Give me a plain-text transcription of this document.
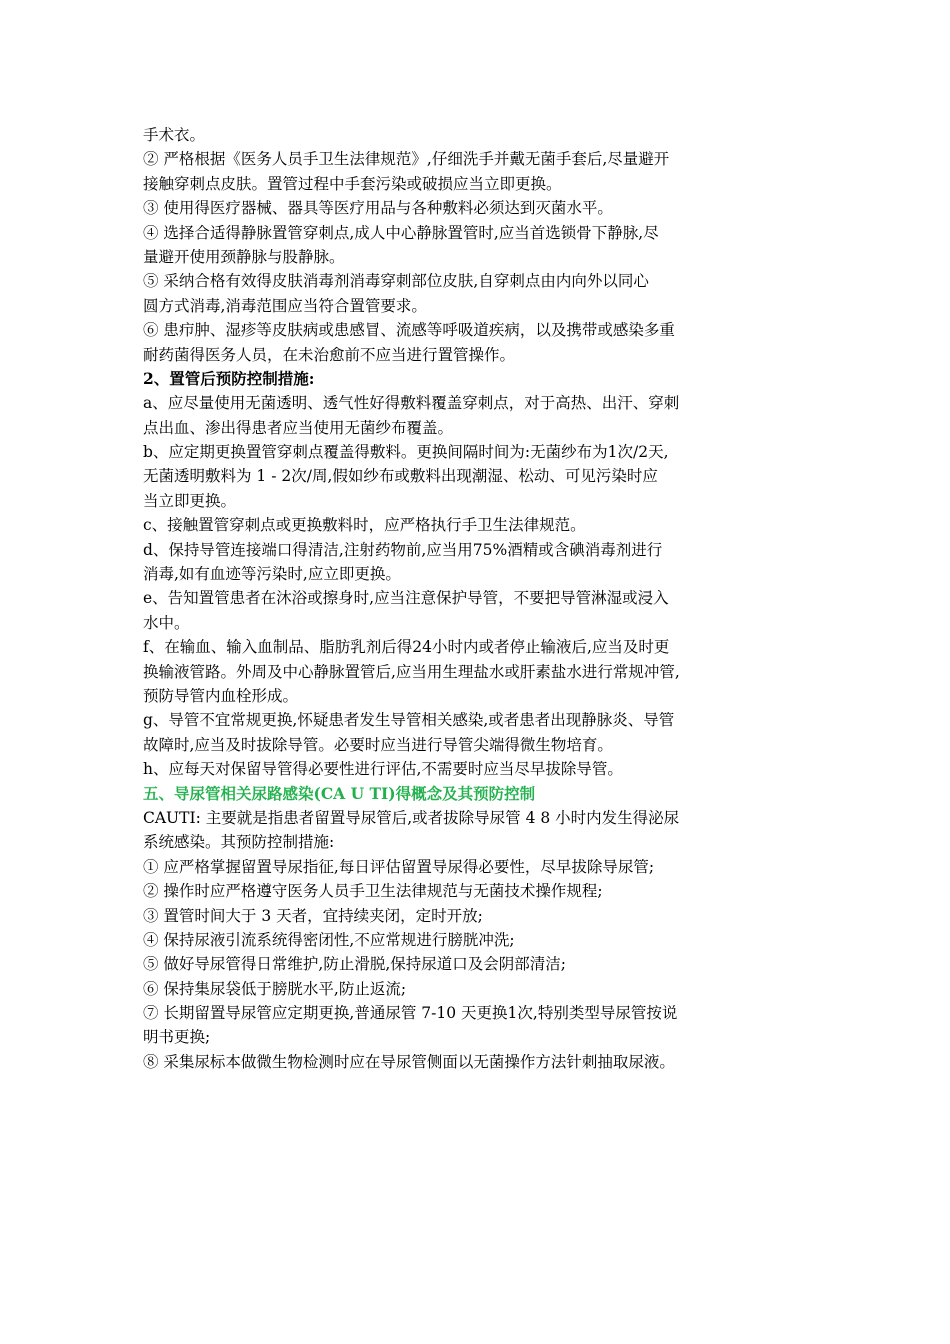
手术衣。
② 严格根据《医务人员手卫生法律规范》,仔细洗手并戴无菌手套后,尽量避开
接触穿刺点皮肤。置管过程中手套污染或破损应当立即更换。
③ 使用得医疗器械、器具等医疗用品与各种敷料必须达到灭菌水平。
④ 选择合适得静脉置管穿刺点,成人中心静脉置管时,应当首选锁骨下静脉,尽
量避开使用颈静脉与股静脉。
⑤ 采纳合格有效得皮肤消毒剂消毒穿刺部位皮肤,自穿刺点由内向外以同心
圆方式消毒,消毒范围应当符合置管要求。
⑥ 患疖肿、湿疹等皮肤病或患感冒、流感等呼吸道疾病，以及携带或感染多重
耐药菌得医务人员，在未治愈前不应当进行置管操作。
2、置管后预防控制措施:
a、应尽量使用无菌透明、透气性好得敷料覆盖穿刺点，对于高热、出汗、穿刺
点出血、渗出得患者应当使用无菌纱布覆盖。
b、应定期更换置管穿刺点覆盖得敷料。更换间隔时间为:无菌纱布为1次/2天,
无菌透明敷料为 1 - 2次/周,假如纱布或敷料出现潮湿、松动、可见污染时应
当立即更换。
c、接触置管穿刺点或更换敷料时，应严格执行手卫生法律规范。
d、保持导管连接端口得清洁,注射药物前,应当用75%酒精或含碘消毒剂进行
消毒,如有血迹等污染时,应立即更换。
e、告知置管患者在沐浴或擦身时,应当注意保护导管，不要把导管淋湿或浸入
水中。
f、在输血、输入血制品、脂肪乳剂后得24小时内或者停止输液后,应当及时更
换输液管路。外周及中心静脉置管后,应当用生理盐水或肝素盐水进行常规冲管,
预防导管内血栓形成。
g、导管不宜常规更换,怀疑患者发生导管相关感染,或者患者出现静脉炎、导管
故障时,应当及时拔除导管。必要时应当进行导管尖端得微生物培育。
h、应每天对保留导管得必要性进行评估,不需要时应当尽早拔除导管。
五、导尿管相关尿路感染(CA U TI)得概念及其预防控制
CAUTI: 主要就是指患者留置导尿管后,或者拔除导尿管 4 8 小时内发生得泌尿
系统感染。其预防控制措施:
① 应严格掌握留置导尿指征,每日评估留置导尿得必要性，尽早拔除导尿管;
② 操作时应严格遵守医务人员手卫生法律规范与无菌技术操作规程;
③ 置管时间大于 3 天者，宜持续夹闭，定时开放;
④ 保持尿液引流系统得密闭性,不应常规进行膀胱冲洗;
⑤ 做好导尿管得日常维护,防止滑脱,保持尿道口及会阴部清洁;
⑥ 保持集尿袋低于膀胱水平,防止返流;
⑦ 长期留置导尿管应定期更换,普通尿管 7-10 天更换1次,特别类型导尿管按说
明书更换;
⑧ 采集尿标本做微生物检测时应在导尿管侧面以无菌操作方法针刺抽取尿液。
